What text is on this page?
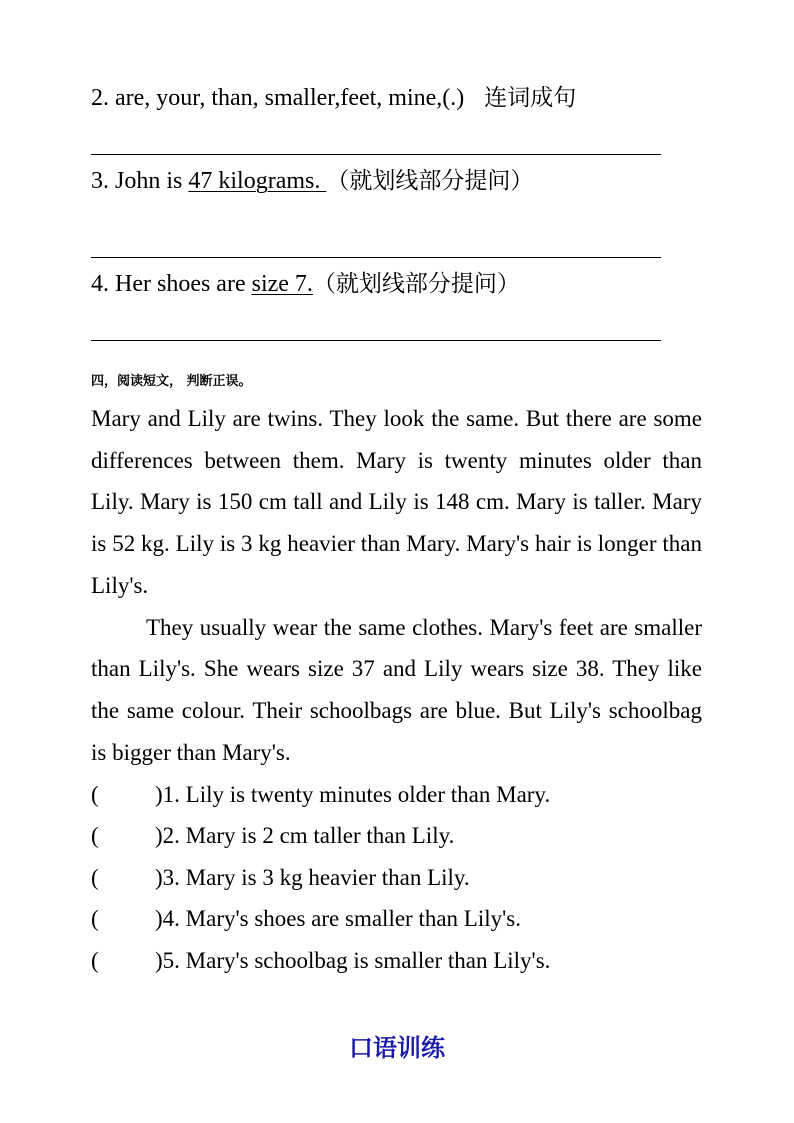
2. are, your, than, smaller,feet, mine,(.) 连词成句
3. John is 47 kilograms. （就划线部分提问）
4. Her shoes are size 7.（就划线部分提问）
四，阅读短文， 判断正误。

Mary and Lily are twins. They look the same. But there are some differences between them. Mary is twenty minutes older than Lily. Mary is 150 cm tall and Lily is 148 cm. Mary is taller. Mary is 52 kg. Lily is 3 kg heavier than Mary. Mary's hair is longer than Lily's.

They usually wear the same clothes. Mary's feet are smaller than Lily's. She wears size 37 and Lily wears size 38. They like the same colour. Their schoolbags are blue. But Lily's schoolbag is bigger than Mary's.

( )1. Lily is twenty minutes older than Mary.
( )2. Mary is 2 cm taller than Lily.
( )3. Mary is 3 kg heavier than Lily.
( )4. Mary's shoes are smaller than Lily's.
( )5. Mary's schoolbag is smaller than Lily's.
口语训练
